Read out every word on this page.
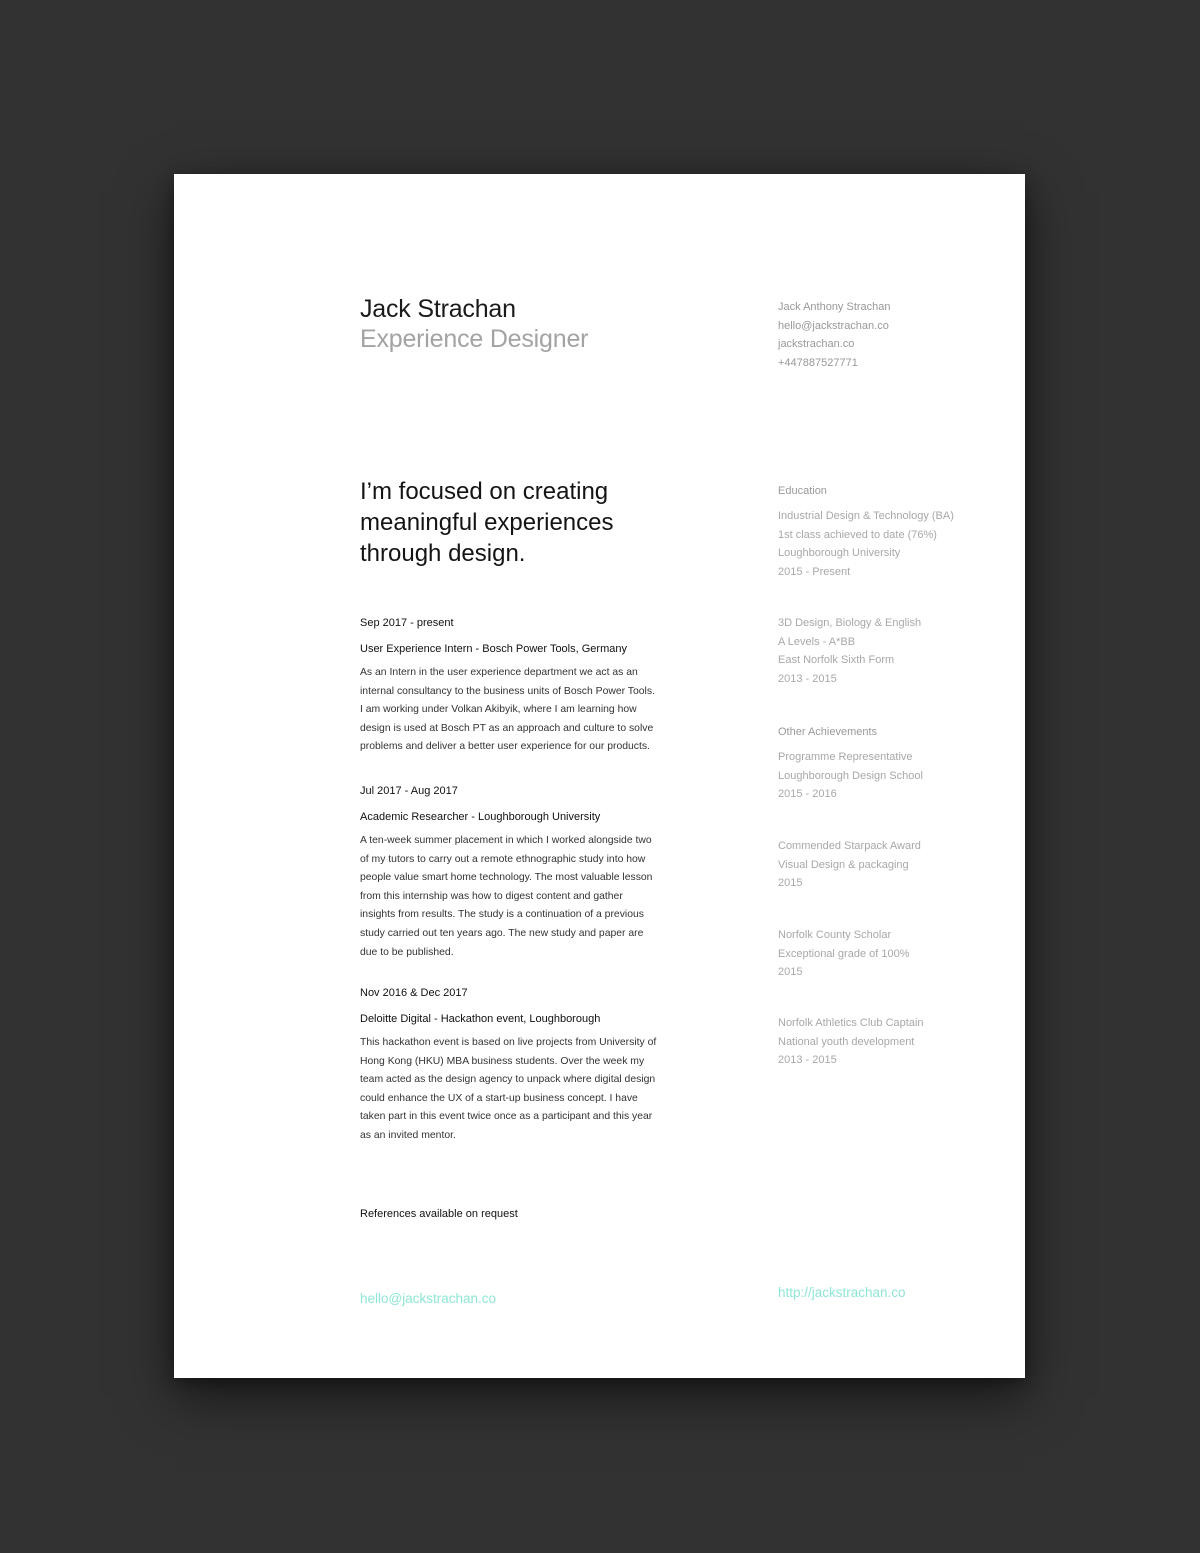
Jack Strachan
Experience Designer
Jack Anthony Strachan
hello@jackstrachan.co
jackstrachan.co
+447887527771
I’m focused on creating
meaningful experiences
through design.
Sep 2017 - present
User Experience Intern - Bosch Power Tools, Germany
As an Intern in the user experience department we act as an
internal consultancy to the business units of Bosch Power Tools.
I am working under Volkan Akibyik, where I am learning how
design is used at Bosch PT as an approach and culture to solve
problems and deliver a better user experience for our products.
Jul 2017 - Aug 2017
Academic Researcher - Loughborough University
A ten-week summer placement in which I worked alongside two
of my tutors to carry out a remote ethnographic study into how
people value smart home technology. The most valuable lesson
from this internship was how to digest content and gather
insights from results. The study is a continuation of a previous
study carried out ten years ago. The new study and paper are
due to be published.
Nov 2016 & Dec 2017
Deloitte Digital - Hackathon event, Loughborough
This hackathon event is based on live projects from University of
Hong Kong (HKU) MBA business students. Over the week my
team acted as the design agency to unpack where digital design
could enhance the UX of a start-up business concept. I have
taken part in this event twice once as a participant and this year
as an invited mentor.
References available on request
Education
Industrial Design & Technology (BA)
1st class achieved to date (76%)
Loughborough University
2015 - Present
3D Design, Biology & English
A Levels - A*BB
East Norfolk Sixth Form
2013 - 2015
Other Achievements
Programme Representative
Loughborough Design School
2015 - 2016
Commended Starpack Award
Visual Design & packaging
2015
Norfolk County Scholar
Exceptional grade of 100%
2015
Norfolk Athletics Club Captain
National youth development
2013 - 2015
hello@jackstrachan.co	http://jackstrachan.co
